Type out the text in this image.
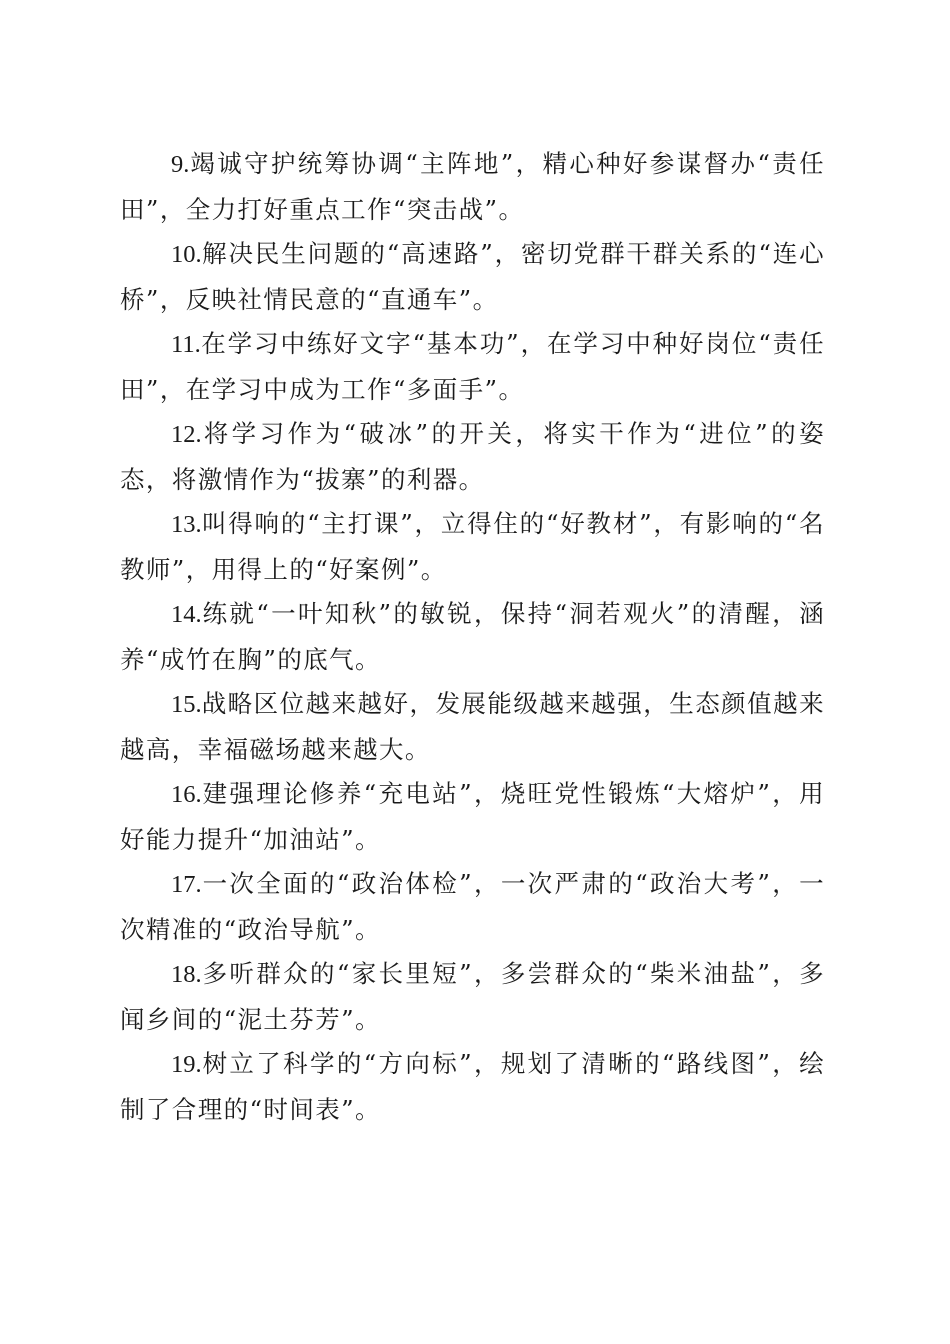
9.竭诚守护统筹协调“主阵地”，精心种好参谋督办“责任田”，全力打好重点工作“突击战”。

10.解决民生问题的“高速路”，密切党群干群关系的“连心桥”，反映社情民意的“直通车”。

11.在学习中练好文字“基本功”，在学习中种好岗位“责任田”，在学习中成为工作“多面手”。

12.将学习作为“破冰”的开关，将实干作为“进位”的姿态，将激情作为“拔寨”的利器。

13.叫得响的“主打课”，立得住的“好教材”，有影响的“名教师”，用得上的“好案例”。

14.练就“一叶知秋”的敏锐，保持“洞若观火”的清醒，涵养“成竹在胸”的底气。

15.战略区位越来越好，发展能级越来越强，生态颜值越来越高，幸福磁场越来越大。

16.建强理论修养“充电站”，烧旺党性锻炼“大熔炉”，用好能力提升“加油站”。

17.一次全面的“政治体检”，一次严肃的“政治大考”，一次精准的“政治导航”。

18.多听群众的“家长里短”，多尝群众的“柴米油盐”，多闻乡间的“泥土芬芳”。

19.树立了科学的“方向标”，规划了清晰的“路线图”，绘制了合理的“时间表”。
